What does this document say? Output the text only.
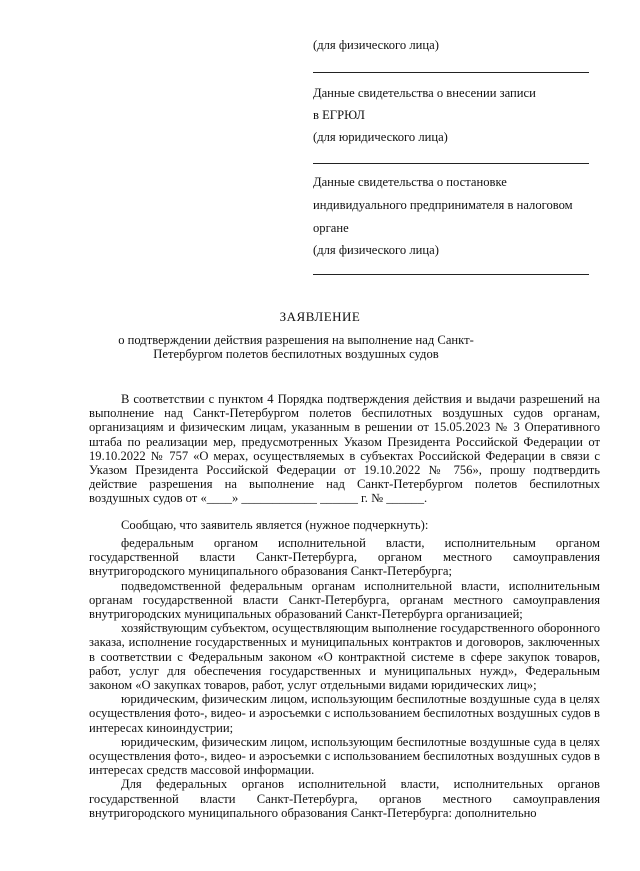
(для физического лица)
Данные свидетельства о внесении записи
в ЕГРЮЛ
(для юридического лица)
Данные свидетельства о постановке
индивидуального предпринимателя в налоговом
органе
(для физического лица)
ЗАЯВЛЕНИЕ
о подтверждении действия разрешения на выполнение над Санкт-Петербургом полетов беспилотных воздушных судов

В соответствии с пунктом 4 Порядка подтверждения действия и выдачи разрешений на выполнение над Санкт-Петербургом полетов беспилотных воздушных судов органам, организациям и физическим лицам, указанным в решении от 15.05.2023 № 3 Оперативного штаба по реализации мер, предусмотренных Указом Президента Российской Федерации от 19.10.2022 № 757 «О мерах, осуществляемых в субъектах Российской Федерации в связи с Указом Президента Российской Федерации от 19.10.2022 № 756», прошу подтвердить действие разрешения на выполнение над Санкт-Петербургом полетов беспилотных воздушных судов от «____» ____________ ______ г. № ______.

Сообщаю, что заявитель является (нужное подчеркнуть):

федеральным органом исполнительной власти, исполнительным органом государственной власти Санкт-Петербурга, органом местного самоуправления внутригородского муниципального образования Санкт-Петербурга;

подведомственной федеральным органам исполнительной власти, исполнительным органам государственной власти Санкт-Петербурга, органам местного самоуправления внутригородских муниципальных образований Санкт-Петербурга организацией;

хозяйствующим субъектом, осуществляющим выполнение государственного оборонного заказа, исполнение государственных и муниципальных контрактов и договоров, заключенных в соответствии с Федеральным законом «О контрактной системе в сфере закупок товаров, работ, услуг для обеспечения государственных и муниципальных нужд», Федеральным законом «О закупках товаров, работ, услуг отдельными видами юридических лиц»;

юридическим, физическим лицом, использующим беспилотные воздушные суда в целях осуществления фото-, видео- и аэросъемки с использованием беспилотных воздушных судов в интересах киноиндустрии;

юридическим, физическим лицом, использующим беспилотные воздушные суда в целях осуществления фото-, видео- и аэросъемки с использованием беспилотных воздушных судов в интересах средств массовой информации.

Для федеральных органов исполнительной власти, исполнительных органов государственной власти Санкт-Петербурга, органов местного самоуправления внутригородского муниципального образования Санкт-Петербурга: дополнительно
